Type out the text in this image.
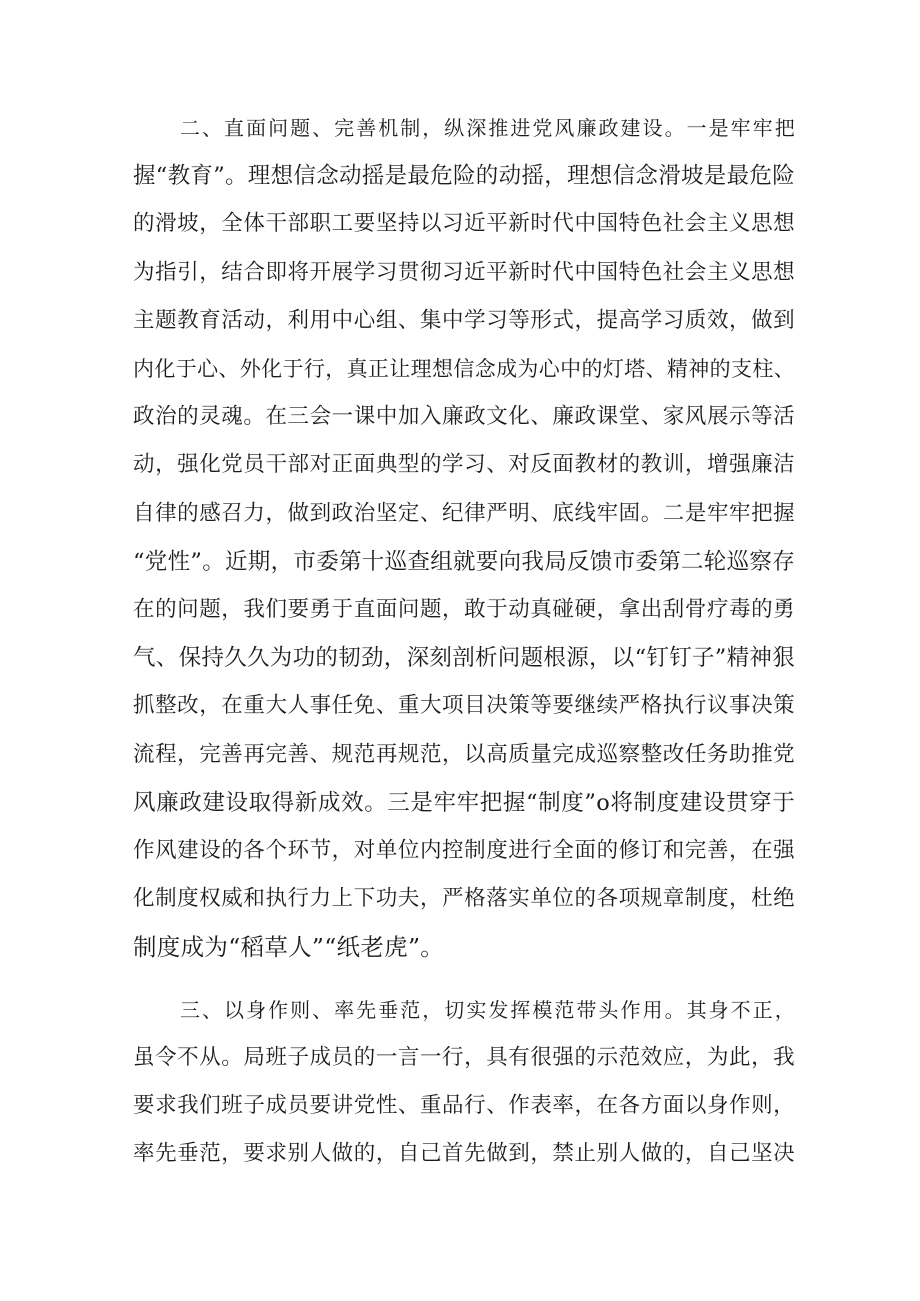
二、直面问题、完善机制，纵深推进党风廉政建设。一是牢牢把
握“教育”。理想信念动摇是最危险的动摇，理想信念滑坡是最危险
的滑坡，全体干部职工要坚持以习近平新时代中国特色社会主义思想
为指引，结合即将开展学习贯彻习近平新时代中国特色社会主义思想
主题教育活动，利用中心组、集中学习等形式，提高学习质效，做到
内化于心、外化于行，真正让理想信念成为心中的灯塔、精神的支柱、
政治的灵魂。在三会一课中加入廉政文化、廉政课堂、家风展示等活
动，强化党员干部对正面典型的学习、对反面教材的教训，增强廉洁
自律的感召力，做到政治坚定、纪律严明、底线牢固。二是牢牢把握
“党性”。近期，市委第十巡查组就要向我局反馈市委第二轮巡察存
在的问题，我们要勇于直面问题，敢于动真碰硬，拿出刮骨疗毒的勇
气、保持久久为功的韧劲，深刻剖析问题根源，以“钉钉子”精神狠
抓整改，在重大人事任免、重大项目决策等要继续严格执行议事决策
流程，完善再完善、规范再规范，以高质量完成巡察整改任务助推党
风廉政建设取得新成效。三是牢牢把握“制度”o将制度建设贯穿于
作风建设的各个环节，对单位内控制度进行全面的修订和完善，在强
化制度权威和执行力上下功夫，严格落实单位的各项规章制度，杜绝
制度成为“稻草人”“纸老虎”。
三、以身作则、率先垂范，切实发挥模范带头作用。其身不正，
虽令不从。局班子成员的一言一行，具有很强的示范效应，为此，我
要求我们班子成员要讲党性、重品行、作表率，在各方面以身作则，
率先垂范，要求别人做的，自己首先做到，禁止别人做的，自己坚决
